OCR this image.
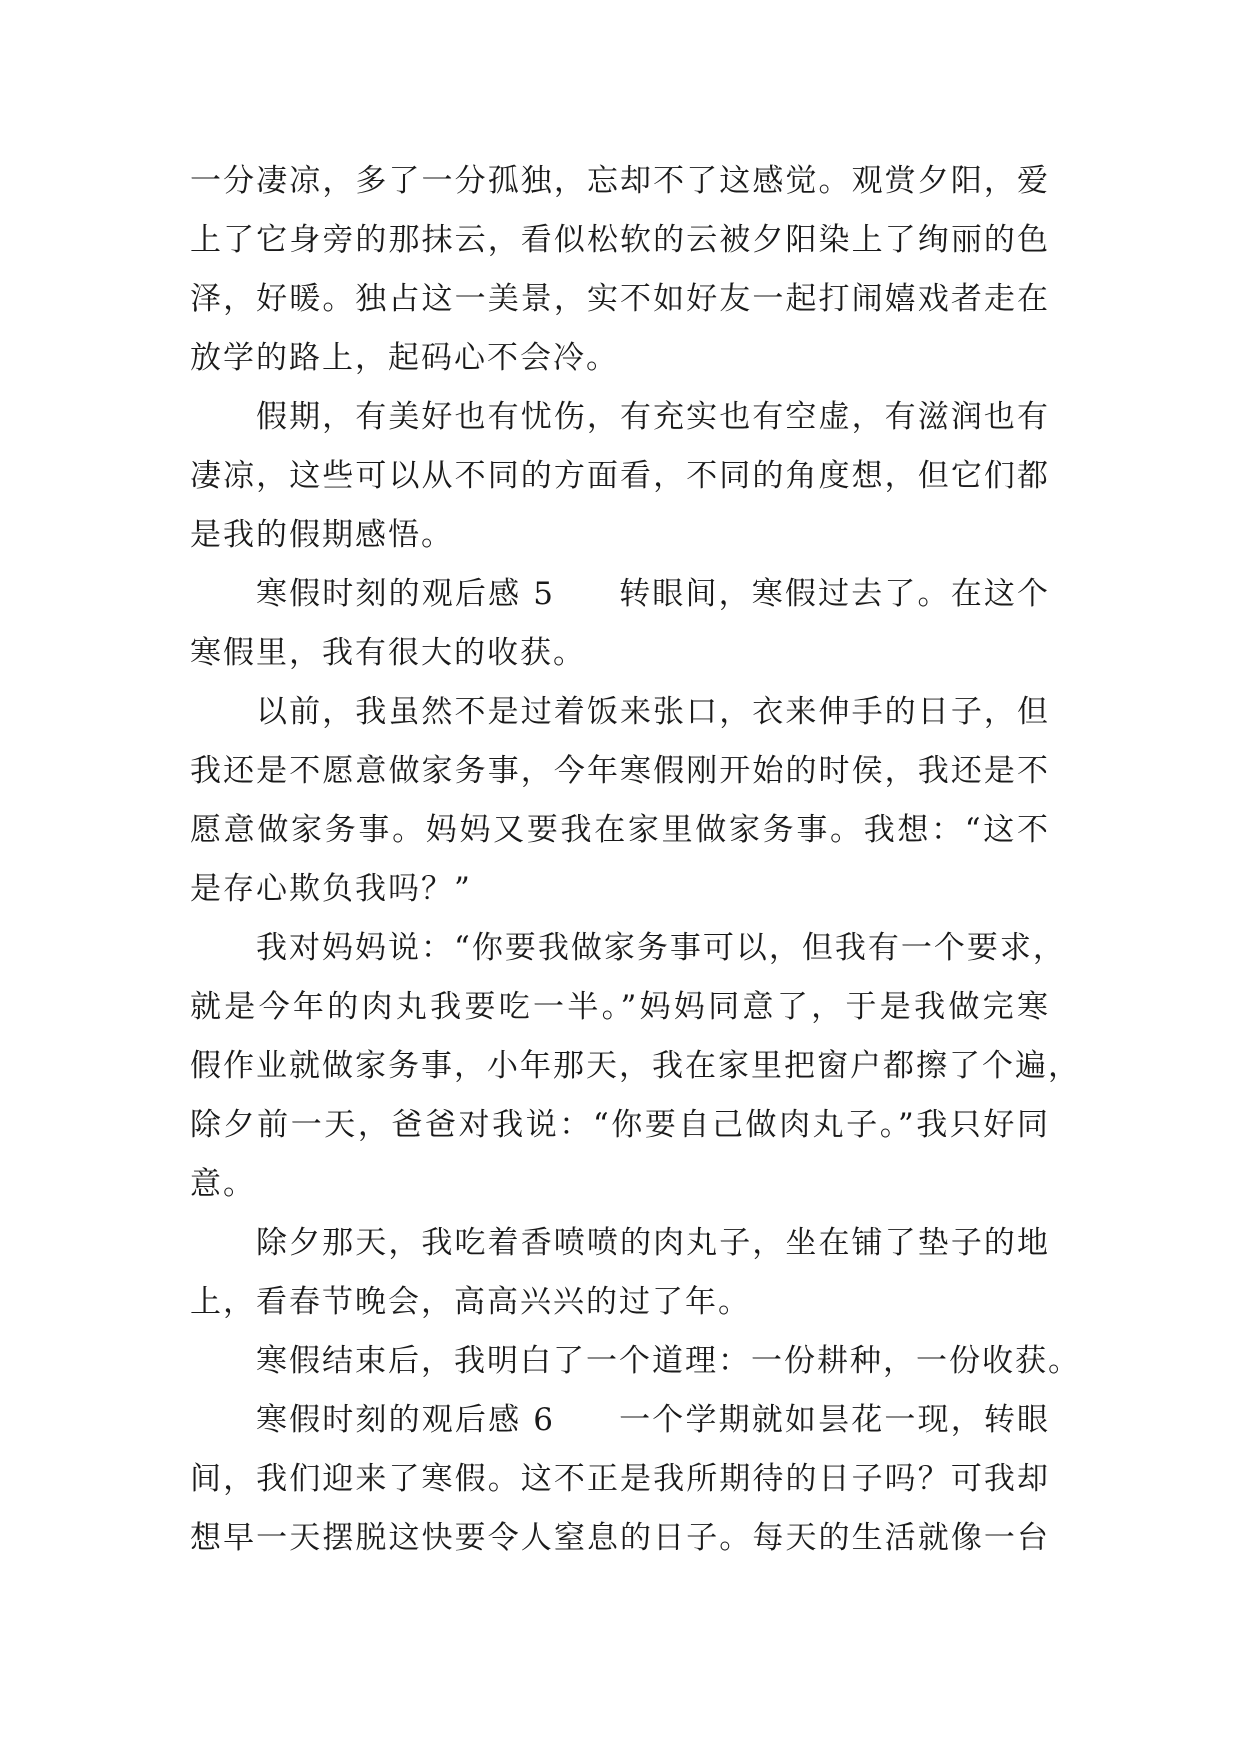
一分凄凉，多了一分孤独，忘却不了这感觉。观赏夕阳，爱
上了它身旁的那抹云，看似松软的云被夕阳染上了绚丽的色
泽，好暖。独占这一美景，实不如好友一起打闹嬉戏者走在
放学的路上，起码心不会冷。
假期，有美好也有忧伤，有充实也有空虚，有滋润也有
凄凉，这些可以从不同的方面看，不同的角度想，但它们都
是我的假期感悟。
寒假时刻的观后感 5 转眼间，寒假过去了。在这个
寒假里，我有很大的收获。
以前，我虽然不是过着饭来张口，衣来伸手的日子，但
我还是不愿意做家务事，今年寒假刚开始的时侯，我还是不
愿意做家务事。妈妈又要我在家里做家务事。我想：“这不
是存心欺负我吗？”
我对妈妈说：“你要我做家务事可以，但我有一个要求，
就是今年的肉丸我要吃一半。”妈妈同意了，于是我做完寒
假作业就做家务事，小年那天，我在家里把窗户都擦了个遍，
除夕前一天，爸爸对我说：“你要自己做肉丸子。”我只好同
意。
除夕那天，我吃着香喷喷的肉丸子，坐在铺了垫子的地
上，看春节晚会，高高兴兴的过了年。
寒假结束后，我明白了一个道理：一份耕种，一份收获。
寒假时刻的观后感 6 一个学期就如昙花一现，转眼
间，我们迎来了寒假。这不正是我所期待的日子吗？可我却
想早一天摆脱这快要令人窒息的日子。每天的生活就像一台
